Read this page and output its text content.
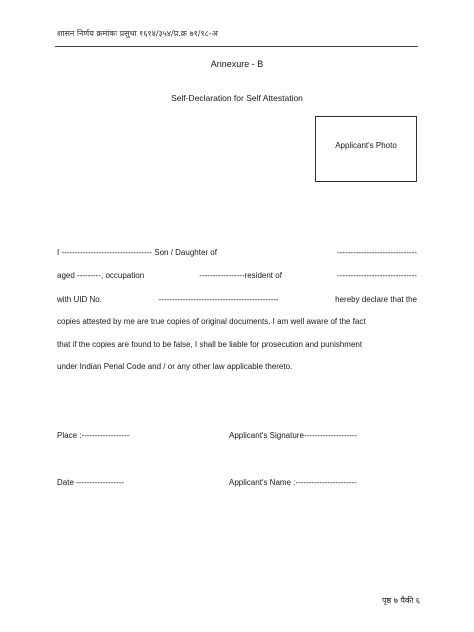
शासन निर्णय क्रमांकः प्रसुधा १६१४/३५४/प्र.क्र ७१/१८-अ
Annexure - B
Self-Declaration for Self Attestation
Applicant's Photo
I ---------------------------------- Son / Daughter of	------------------------------
aged ---------, occupation	-----------------resident of	------------------------------
with UID No.	---------------------------------------------	hereby declare that the
copies attested by me are true copies of original documents. I am well aware of the fact
that if the copies are found to be false, I shall be liable for prosecution and punishment
under Indian Penal Code and / or any other law applicable thereto.
Place :------------------	Applicant's Signature--------------------
Date ------------------	Applicant's Name :-----------------------
पृष्ठ ७ पैकी ६
